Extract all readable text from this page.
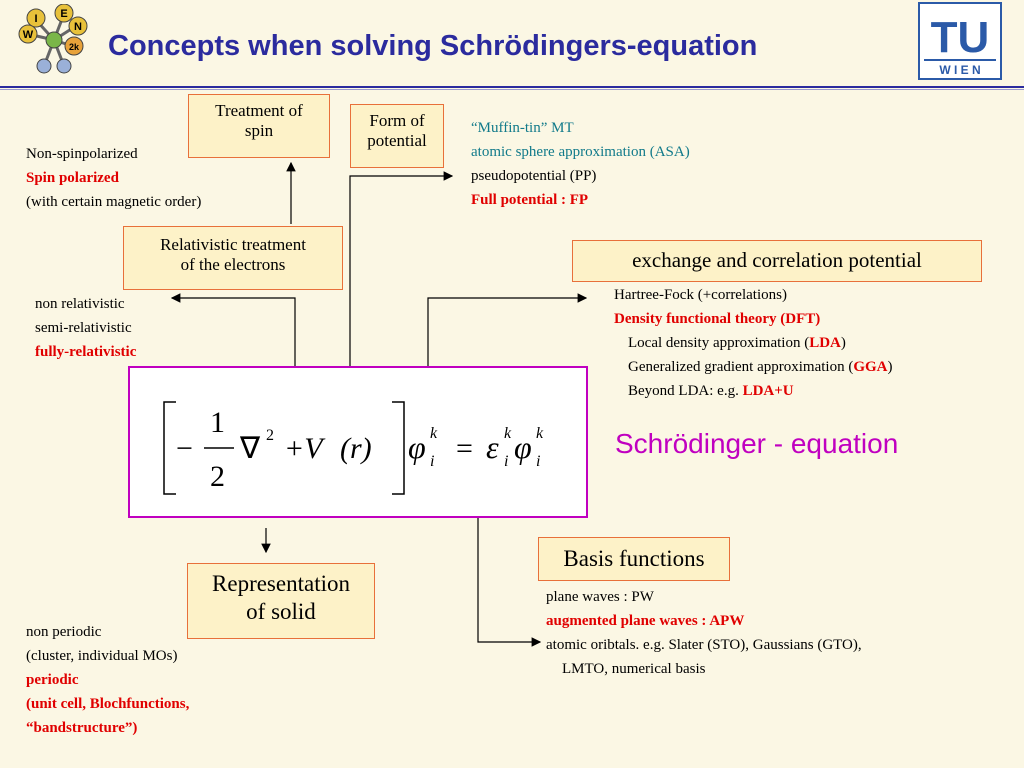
I E
N
W
2k Concepts when solving Schrödingers-equation	TU
W I E N
Treatment of
spin
Non-spinpolarized
Spin polarized
(with certain magnetic order)
Form of
potential
“Muffin-tin” MT
atomic sphere approximation (ASA)
pseudopotential (PP)
Full potential : FP
Relativistic treatment
of the electrons
non relativistic
semi-relativistic
fully-relativistic
exchange and correlation potential
Hartree-Fock (+correlations)
Density functional theory (DFT)
Local density approximation (LDA)
Generalized gradient approximation (GGA)
Beyond LDA: e.g. LDA+U
−
1
2
∇ 2 +V (r) φ k
i = ε k
i φ k
i
Schrödinger - equation
Representation
of solid
non periodic
(cluster, individual MOs)
periodic
(unit cell, Blochfunctions,
“bandstructure”)
Basis functions
plane waves : PW
augmented plane waves : APW
atomic oribtals. e.g. Slater (STO), Gaussians (GTO),
LMTO, numerical basis
